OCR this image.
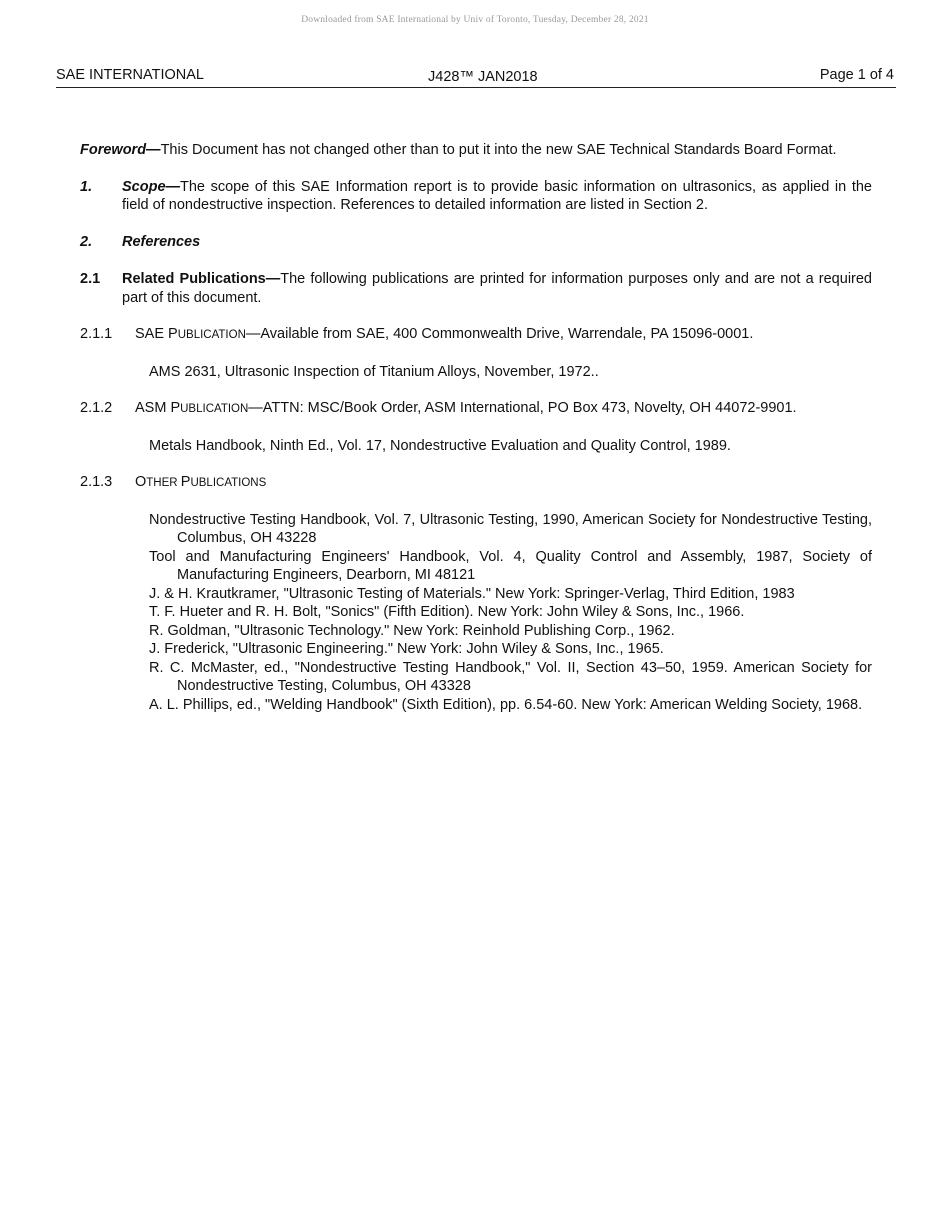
Downloaded from SAE International by Univ of Toronto, Tuesday, December 28, 2021
SAE INTERNATIONAL	J428™ JAN2018	Page 1 of 4
Foreword—This Document has not changed other than to put it into the new SAE Technical Standards Board Format.
1. Scope—The scope of this SAE Information report is to provide basic information on ultrasonics, as applied in the field of nondestructive inspection. References to detailed information are listed in Section 2.
2. References
2.1 Related Publications—The following publications are printed for information purposes only and are not a required part of this document.
2.1.1 SAE PUBLICATION—Available from SAE, 400 Commonwealth Drive, Warrendale, PA 15096-0001.
AMS 2631, Ultrasonic Inspection of Titanium Alloys, November, 1972..
2.1.2 ASM PUBLICATION—ATTN: MSC/Book Order, ASM International, PO Box 473, Novelty, OH 44072-9901.
Metals Handbook, Ninth Ed., Vol. 17, Nondestructive Evaluation and Quality Control, 1989.
2.1.3 OTHER PUBLICATIONS
Nondestructive Testing Handbook, Vol. 7, Ultrasonic Testing, 1990, American Society for Nondestructive Testing, Columbus, OH 43228
Tool and Manufacturing Engineers' Handbook, Vol. 4, Quality Control and Assembly, 1987, Society of Manufacturing Engineers, Dearborn, MI 48121
J. & H. Krautkramer, "Ultrasonic Testing of Materials." New York: Springer-Verlag, Third Edition, 1983
T. F. Hueter and R. H. Bolt, "Sonics" (Fifth Edition). New York: John Wiley & Sons, Inc., 1966.
R. Goldman, "Ultrasonic Technology." New York: Reinhold Publishing Corp., 1962.
J. Frederick, "Ultrasonic Engineering." New York: John Wiley & Sons, Inc., 1965.
R. C. McMaster, ed., "Nondestructive Testing Handbook," Vol. II, Section 43–50, 1959. American Society for Nondestructive Testing, Columbus, OH 43328
A. L. Phillips, ed., "Welding Handbook" (Sixth Edition), pp. 6.54-60. New York: American Welding Society, 1968.
